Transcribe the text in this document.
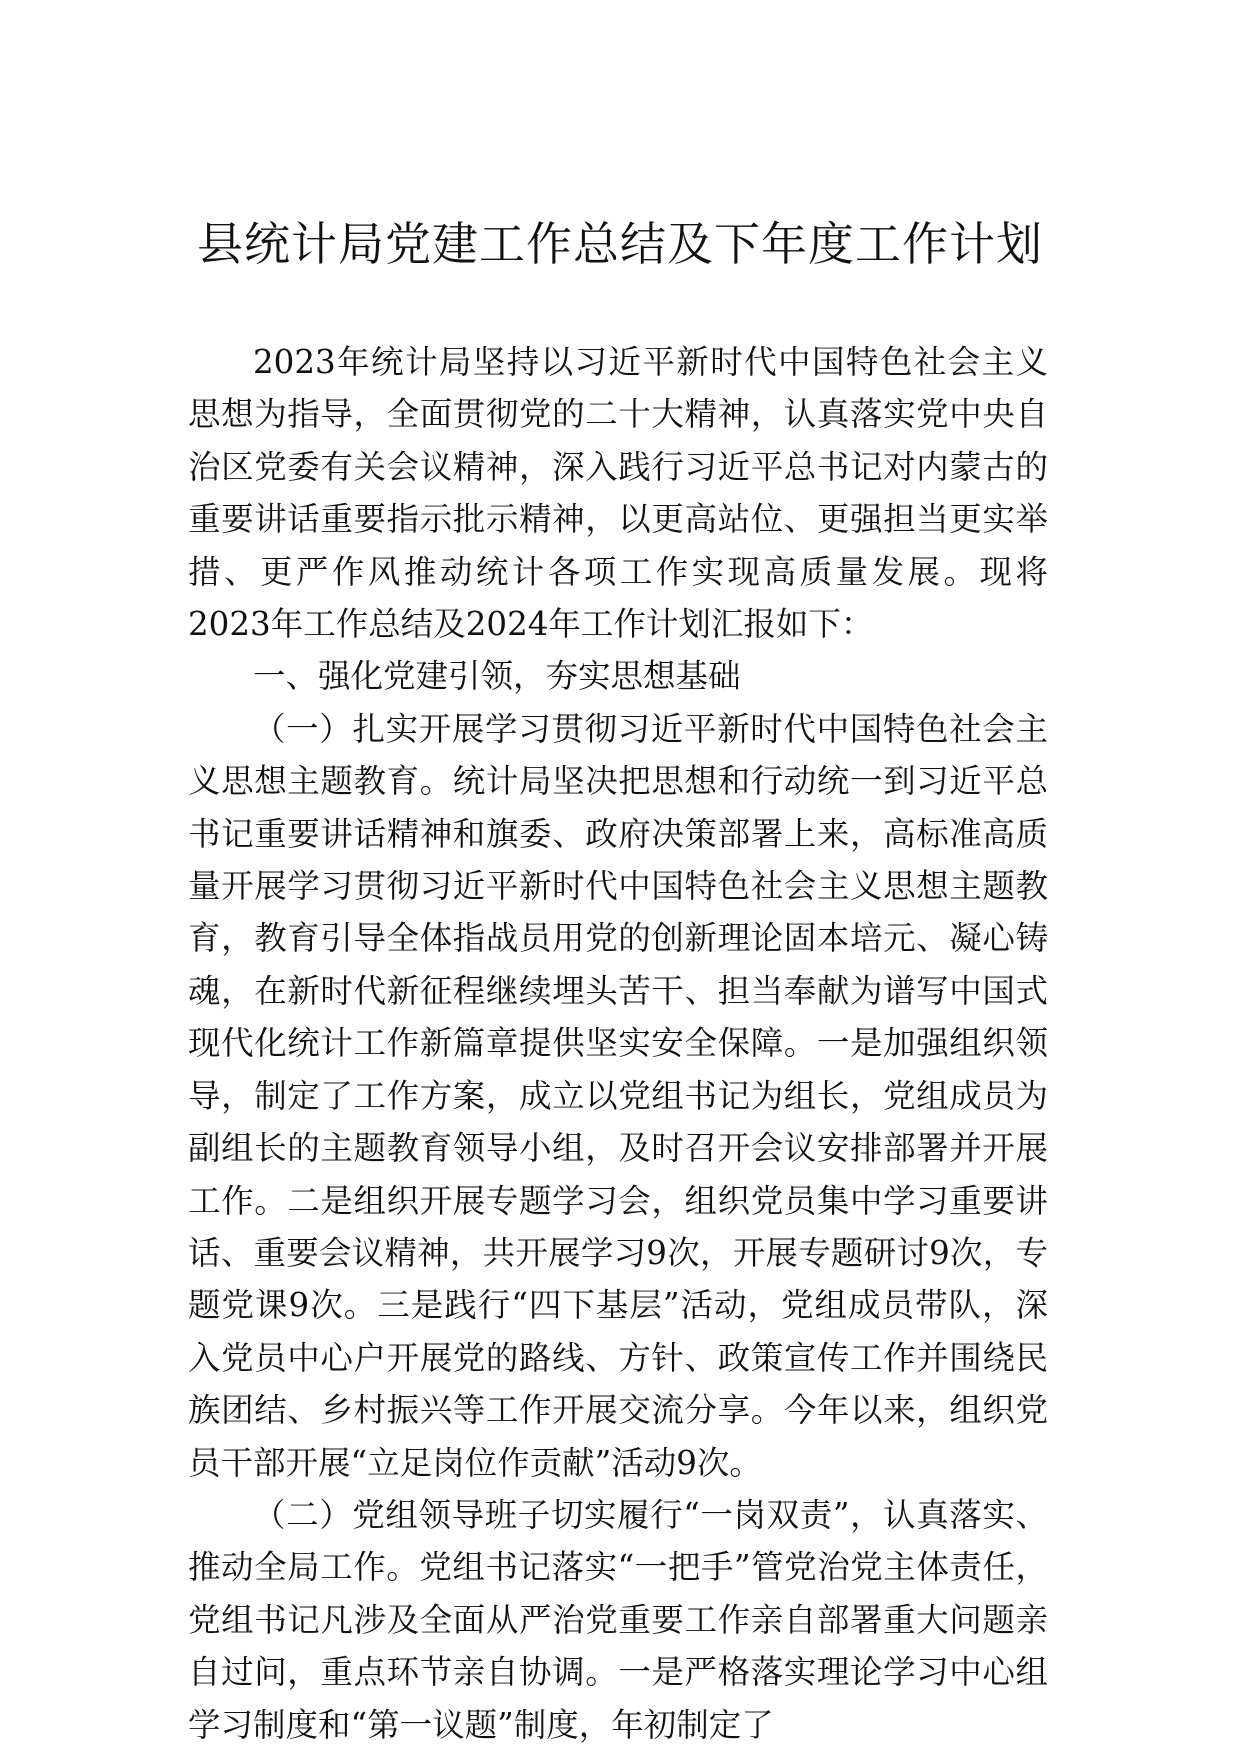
县统计局党建工作总结及下年度工作计划

2023年统计局坚持以习近平新时代中国特色社会主义思想为指导，全面贯彻党的二十大精神，认真落实党中央自治区党委有关会议精神，深入践行习近平总书记对内蒙古的重要讲话重要指示批示精神，以更高站位、更强担当更实举措、更严作风推动统计各项工作实现高质量发展。现将2023年工作总结及2024年工作计划汇报如下：

一、强化党建引领，夯实思想基础

（一）扎实开展学习贯彻习近平新时代中国特色社会主义思想主题教育。统计局坚决把思想和行动统一到习近平总书记重要讲话精神和旗委、政府决策部署上来，高标准高质量开展学习贯彻习近平新时代中国特色社会主义思想主题教育，教育引导全体指战员用党的创新理论固本培元、凝心铸魂，在新时代新征程继续埋头苦干、担当奉献为谱写中国式现代化统计工作新篇章提供坚实安全保障。一是加强组织领导，制定了工作方案，成立以党组书记为组长，党组成员为副组长的主题教育领导小组，及时召开会议安排部署并开展工作。二是组织开展专题学习会，组织党员集中学习重要讲话、重要会议精神，共开展学习9次，开展专题研讨9次，专题党课9次。三是践行“四下基层”活动，党组成员带队，深入党员中心户开展党的路线、方针、政策宣传工作并围绕民族团结、乡村振兴等工作开展交流分享。今年以来，组织党员干部开展“立足岗位作贡献”活动9次。

（二）党组领导班子切实履行“一岗双责”，认真落实、推动全局工作。党组书记落实“一把手”管党治党主体责任，党组书记凡涉及全面从严治党重要工作亲自部署重大问题亲自过问，重点环节亲自协调。一是严格落实理论学习中心组学习制度和“第一议题”制度，年初制定了
